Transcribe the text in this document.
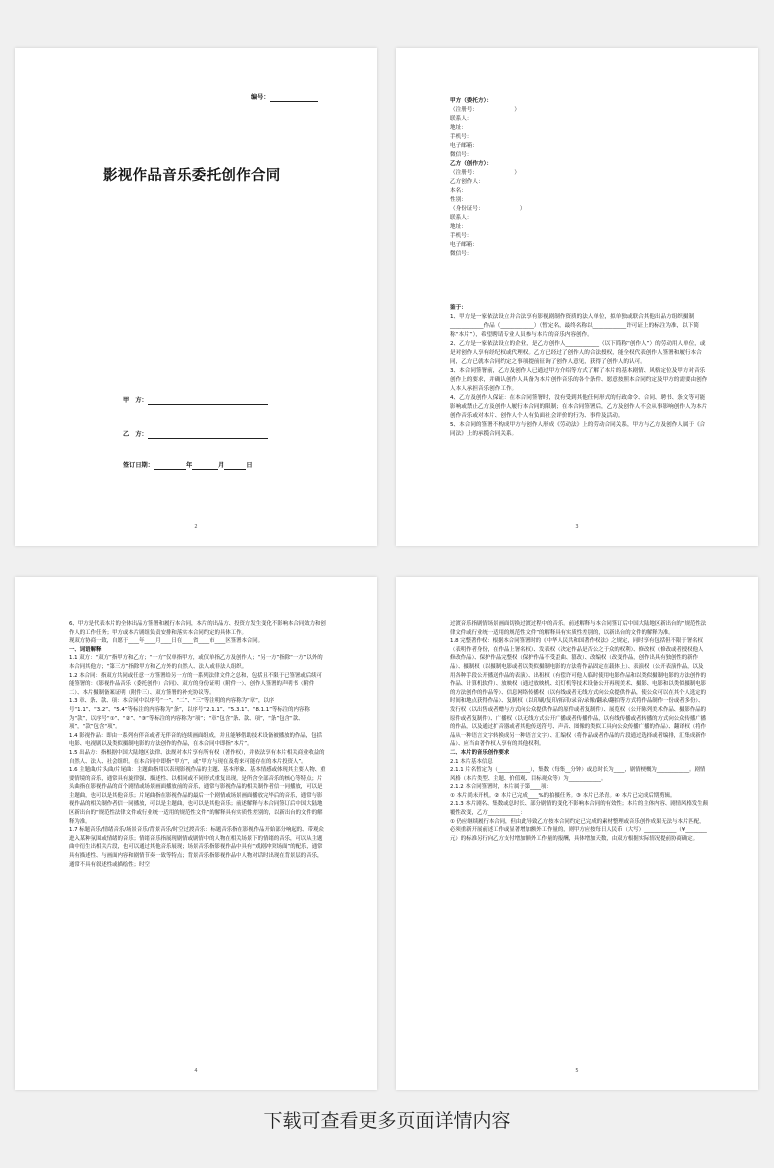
编号：
影视作品音乐委托创作合同
甲　方：
乙　方：
签订日期：	年	月	日
2
甲方（委托方）：
（注册号：　　　　　　　）
联系人：
地址：
手机号：
电子邮箱：
微信号：
乙方（创作方）：
（注册号：　　　　　　　）
乙方创作人：
本名：
性别：
（身份证号：　　　　　　　）
联系人：
地址：
手机号：
电子邮箱：
微信号：
鉴于：

1、甲方是一家依法设立并合法享有影视剧制作资质的法人单位，拟单独或联合其他出品方组织摄制____________作品（____________）（暂定名，最终名称以____________许可证上的标注为准，以下简称“本片”），希望聘请专业人员参与本片的音乐内容创作。

2、乙方是一家依法设立的企业，是乙方创作人____________（以下简称“创作人”）的劳动用人单位，或是对创作人享有经纪权或代理权。乙方已经过了创作人的合法授权，能全权代表创作人签署和履行本合同，乙方已就本合同约定之事项提前征询了创作人意见，获得了创作人的认可。

3、本合同签署前，乙方及创作人已通过甲方介绍等方式了解了本片的基本剧情、风格定位及甲方对音乐创作上的要求，并确认创作人具备为本片创作音乐的各个条件、愿意按照本合同约定及甲方的需要由创作人本人承担音乐创作工作。

4、乙方及创作人保证：在本合同签署时，没有受到其他任何形式的行政命令、合同、聘书、条文等可能影响或禁止乙方及创作人履行本合同的限制；在本合同签署后，乙方及创作人不会从事影响创作人为本片创作音乐或对本片、创作人个人有负面社会评价的行为、事件及活动。

5、本合同的签署不构成甲方与创作人形成《劳动法》上的劳动合同关系，甲方与乙方及创作人属于《合同法》上的承揽合同关系。

3

6、甲方是代表本片的全体出品方签署和履行本合同，本片的出品方、投资方发生变化不影响本合同效力和创作人的工作任务；甲方或本片剧组负责安排和落实本合同约定的具体工作。

现双方协商一致，自愿于____年____月____日在____省____市____区签署本合同。

一、词语解释

1.1 双方：“双方”指甲方和乙方；“一方”仅单指甲方，或仅单指乙方及创作人；“另一方”指除“一方”以外的本合同其他方；“第三方”指除甲方和乙方外的自然人、法人或非法人组织。

1.2 本合同：指双方共同或任意一方签署给另一方的一系列法律文件之总和，包括且不限于已签署或后续可能签署的：《影视作品音乐（委托创作）合同》、双方的身份证明（附件一）、创作人签署的声明书（附件二）、本片摄制备案证明（附件三）、双方签署的补充协议等。

1.3 章、条、款、项：本合同中以序号“一”、“二”、“三”等注明的内容称为“章”，以序号“1.1”、“3.2”、“5.4”等标注的内容称为“条”，以序号“2.1.1”、“5.3.1”、“8.1.1”等标注的内容称为“款”，以序号“①”、“②”、“③”等标注的内容称为“项”；“章”包含“条、款、项”，“条”包含“款、项”，“款”包含“项”。

1.4 影视作品：即由一系列有伴音或者无伴音的连续画面组成，并且能够借助技术设备被播放的作品，包括电影、电视剧以及类似摄制电影的方法创作的作品，在本合同中即指“本片”。

1.5 出品方：指根据中国大陆地区法律、法规对本片享有所有权（著作权），并依法享有本片相关商业收益的自然人、法人、社会组织。在本合同中即指“甲方”，或“甲方与现在及将来可能存在的本片投资人”。

1.6 主题曲/片头曲/片尾曲：主题曲指用以表现影视作品的主题、基本形象、基本情感或体现其主要人物、重要情境的音乐，通常具有旋律强、描述性、以相同或不同形式重复出现，是所含全部音乐的核心等特点；片头曲指在影视作品的首个剧情或场景画面播放前的音乐，通常与影视作品的相关制作者信一同播放，可以是主题曲，也可以是其他音乐；片尾曲指在影视作品的最后一个剧情或场景画面播放完毕后的音乐，通常与影视作品的相关制作者信一同播放，可以是主题曲，也可以是其他音乐；前述解释与本合同签订后中国大陆地区新出台的“规范性法律文件或行业统一适用的规范性文件”的解释具有实质性差别的，以新出台的文件的解释为准。

1.7 标题音乐/情绪音乐/场景音乐/背景音乐/时空过渡音乐：标题音乐指在影视作品开始部分响起的、带观众进入某种氛围或情绪的音乐；情绪音乐指展现剧情或剧情中的人物在相关场景下的情绪的音乐，可以从主题曲中衍生出相关片段，也可以通过其他音乐展现；场景音乐指影视作品中具有“戏剧冲突场面”的配乐，通常具有描述性、与画面内容和剧情节奏一致等特点；背景音乐指影视作品中人物对话时出现在背景层的音乐，通常不具有叙述性或描绘性；时空

4

过渡音乐指剧情场景画面切换过渡过程中的音乐。前述解释与本合同签订后中国大陆地区新出台的“规范性法律文件或行业统一适用的规范性文件”的解释具有实质性差别的，以新出台的文件的解释为准。

1.8 完整著作权：根据本合同签署时的《中华人民共和国著作权法》之规定，同时享有包括但不限于署名权（表明作者身份，在作品上署名权）、发表权（决定作品是否公之于众的权利）、修改权（修改或者授权他人修改作品）、保护作品完整权（保护作品不受歪曲、篡改）、改编权（改变作品，创作出具有独创性的新作品）、摄制权（以摄制电影或者以类似摄制电影的方法将作品固定在载体上）、表演权（公开表演作品，以及用各种手段公开播送作品的表演）、出租权（有偿许可他人临时使用电影作品和以类似摄制电影的方法创作的作品、计算机软件）、放映权（通过放映机、幻灯机等技术设备公开再现美术、摄影、电影和以类似摄制电影的方法创作的作品等）、信息网络传播权（以有线或者无线方式向公众提供作品，使公众可以在其个人选定的时间和地点获得作品）、复制权（以印刷/复印/拓印/录音/录像/翻录/翻拍等方式将作品制作一份或者多份）、发行权（以出售或者赠与方式向公众提供作品的原件或者复制件）、展览权（公开陈列美术作品、摄影作品的原件或者复制件）、广播权（以无线方式公开广播或者传播作品，以有线传播或者转播的方式向公众传播广播的作品，以及通过扩音器或者其他传送符号、声音、图像的类似工具向公众传播广播的作品）、翻译权（将作品从一种语言文字转换成另一种语言文字）、汇编权（将作品或者作品的片段通过选择或者编排，汇集成新作品）、应当由著作权人享有的其他权利。

二、本片的音乐创作要求
2.1 本片基本信息

2.1.1 片名暂定为（____________），集数（每集__分钟）或总时长为____，剧情梗概为____________。剧情风格（本片类型、主题、价值观、目标观众等）为____________。

2.1.2 本合同签署时，本片属于第____项：

① 本片尚未开机。② 本片已完成____%的拍摄任务。③ 本片已杀青。④ 本片已完成后期剪辑。

2.1.3 本片剧名、集数或总时长、部分剧情的变化不影响本合同的有效性；本片的主体内容、剧情风格发生颠覆性改变，乙方____________：

① 仍应继续履行本合同，但由此导致乙方按本合同约定已完成的素材整理或音乐创作成果无法与本片匹配，必须重新开展前述工作或显著增加额外工作量的，则甲方应按每日人民币（大写）____________（¥________元）的标准另行向乙方支付增加额外工作量的报酬，具体增加天数，由双方根据实际情况提前协商确定。

5
下载可查看更多页面详情内容
